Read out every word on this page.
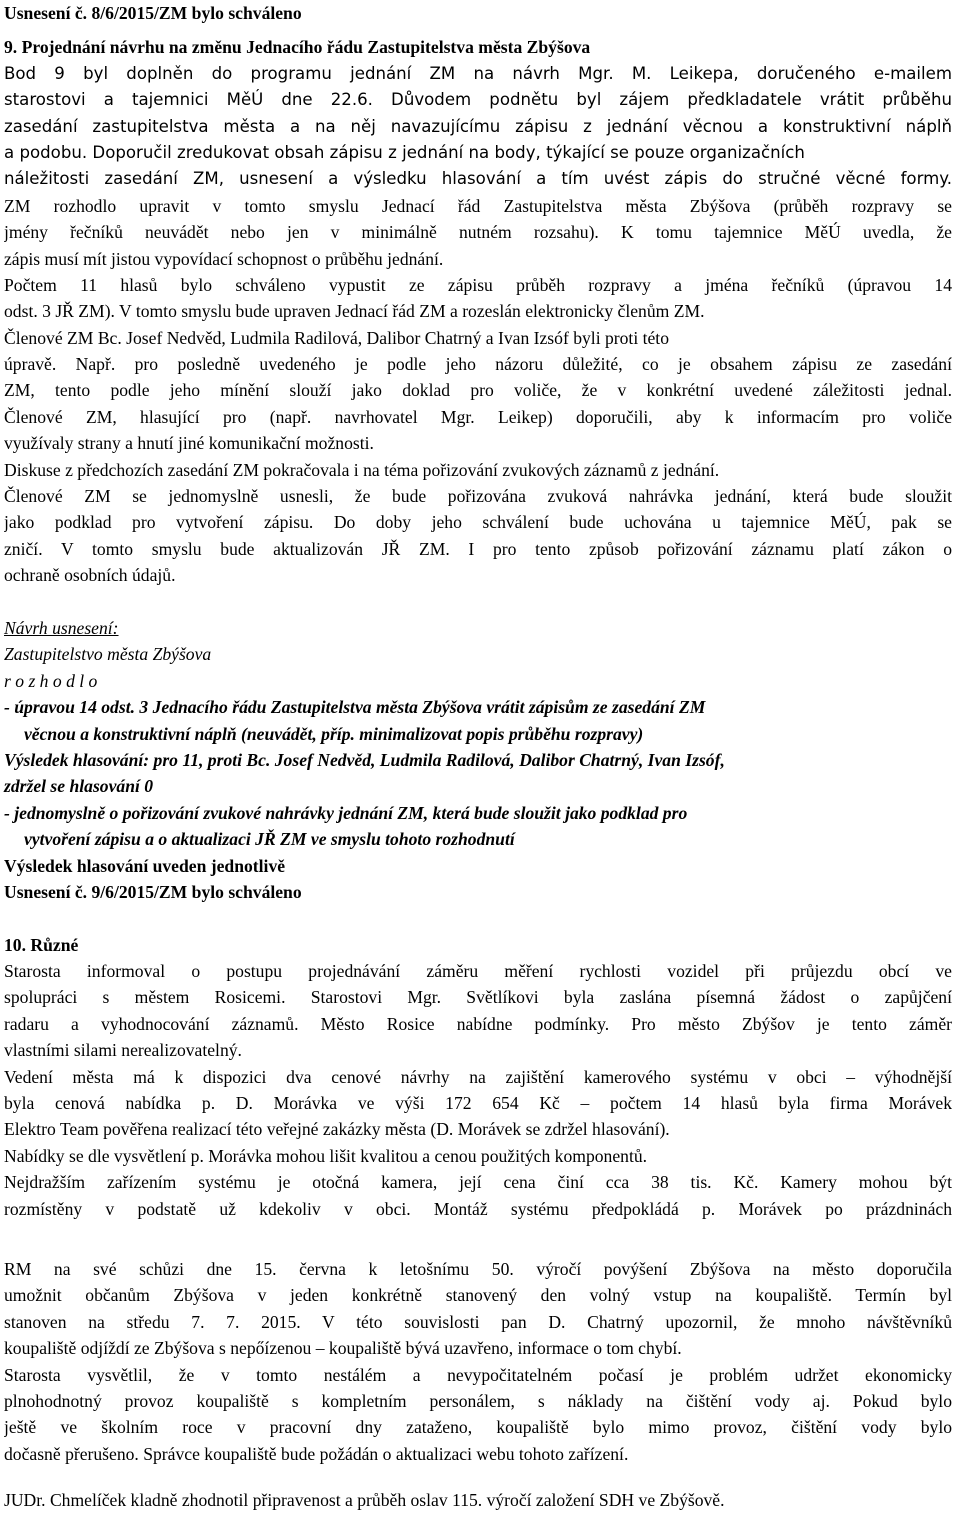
Usnesení č. 8/6/2015/ZM bylo schváleno
9. Projednání návrhu na změnu Jednacího řádu Zastupitelstva města Zbýšova
Bod 9 byl doplněn do programu jednání ZM na návrh Mgr. M. Leikepa, doručeného e-mailem
starostovi a tajemnici MěÚ dne 22.6. Důvodem podnětu byl zájem předkladatele vrátit průběhu
zasedání zastupitelstva města a na něj navazujícímu zápisu z jednání věcnou a konstruktivní náplň
a podobu. Doporučil zredukovat obsah zápisu z jednání na body, týkající se pouze organizačních
náležitosti zasedání ZM, usnesení a výsledku hlasování a tím uvést zápis do stručné věcné formy.
ZM rozhodlo upravit v tomto smyslu Jednací řád Zastupitelstva města Zbýšova (průběh rozpravy se
jmény řečníků neuvádět nebo jen v minimálně nutném rozsahu). K tomu tajemnice MěÚ uvedla, že
zápis musí mít jistou vypovídací schopnost o průběhu jednání.
Počtem 11 hlasů bylo schváleno vypustit ze zápisu průběh rozpravy a jména řečníků (úpravou 14
odst. 3 JŘ ZM). V tomto smyslu bude upraven Jednací řád ZM a rozeslán elektronicky členům ZM.
Členové ZM Bc. Josef Nedvěd, Ludmila Radilová, Dalibor Chatrný a Ivan Izsóf byli proti této
úpravě. Např. pro posledně uvedeného je podle jeho názoru důležité, co je obsahem zápisu ze zasedání
ZM, tento podle jeho mínění slouží jako doklad pro voliče, že v konkrétní uvedené záležitosti jednal.
Členové ZM, hlasující pro (např. navrhovatel Mgr. Leikep) doporučili, aby k informacím pro voliče
využívaly strany a hnutí jiné komunikační možnosti.
Diskuse z předchozích zasedání ZM pokračovala i na téma pořizování zvukových záznamů z jednání.
Členové ZM se jednomyslně usnesli, že bude pořizována zvuková nahrávka jednání, která bude sloužit
jako podklad pro vytvoření zápisu. Do doby jeho schválení bude uchována u tajemnice MěÚ, pak se
zničí. V tomto smyslu bude aktualizován JŘ ZM. I pro tento způsob pořizování záznamu platí zákon o
ochraně osobních údajů.
Návrh usnesení:
Zastupitelstvo města Zbýšova
r o z h o d l o
- úpravou 14 odst. 3 Jednacího řádu Zastupitelstva města Zbýšova vrátit zápisům ze zasedání ZM
věcnou a konstruktivní náplň (neuvádět, příp. minimalizovat popis průběhu rozpravy)
Výsledek hlasování: pro 11, proti Bc. Josef Nedvěd, Ludmila Radilová, Dalibor Chatrný, Ivan Izsóf,
zdržel se hlasování 0
- jednomyslně o pořizování zvukové nahrávky jednání ZM, která bude sloužit jako podklad pro
vytvoření zápisu a o aktualizaci JŘ ZM ve smyslu tohoto rozhodnutí
Výsledek hlasování uveden jednotlivě
Usnesení č. 9/6/2015/ZM bylo schváleno
10. Různé
Starosta informoval o postupu projednávání záměru měření rychlosti vozidel při průjezdu obcí ve
spolupráci s městem Rosicemi. Starostovi Mgr. Světlíkovi byla zaslána písemná žádost o zapůjčení
radaru a vyhodnocování záznamů. Město Rosice nabídne podmínky. Pro město Zbýšov je tento záměr
vlastními silami nerealizovatelný.
Vedení města má k dispozici dva cenové návrhy na zajištění kamerového systému v obci – výhodnější
byla cenová nabídka p. D. Morávka ve výši 172 654 Kč – počtem 14 hlasů byla firma Morávek
Elektro Team pověřena realizací této veřejné zakázky města (D. Morávek se zdržel hlasování).
Nabídky se dle vysvětlení p. Morávka mohou lišit kvalitou a cenou použitých komponentů.
Nejdražším zařízením systému je otočná kamera, její cena činí cca 38 tis. Kč. Kamery mohou být
rozmístěny v podstatě už kdekoliv v obci. Montáž systému předpokládá p. Morávek po prázdninách
RM na své schůzi dne 15. června k letošnímu 50. výročí povýšení Zbýšova na město doporučila
umožnit občanům Zbýšova v jeden konkrétně stanovený den volný vstup na koupaliště. Termín byl
stanoven na středu 7. 7. 2015. V této souvislosti pan D. Chatrný upozornil, že mnoho návštěvníků
koupaliště odjíždí ze Zbýšova s nepőízenou – koupaliště bývá uzavřeno, informace o tom chybí.
Starosta vysvětlil, že v tomto nestálém a nevypočitatelném počasí je problém udržet ekonomicky
plnohodnotný provoz koupaliště s kompletním personálem, s náklady na čištění vody aj. Pokud bylo
ještě ve školním roce v pracovní dny zataženo, koupaliště bylo mimo provoz, čištění vody bylo
dočasně přerušeno. Správce koupaliště bude požádán o aktualizaci webu tohoto zařízení.
JUDr. Chmelíček kladně zhodnotil připravenost a průběh oslav 115. výročí založení SDH ve Zbýšově.
